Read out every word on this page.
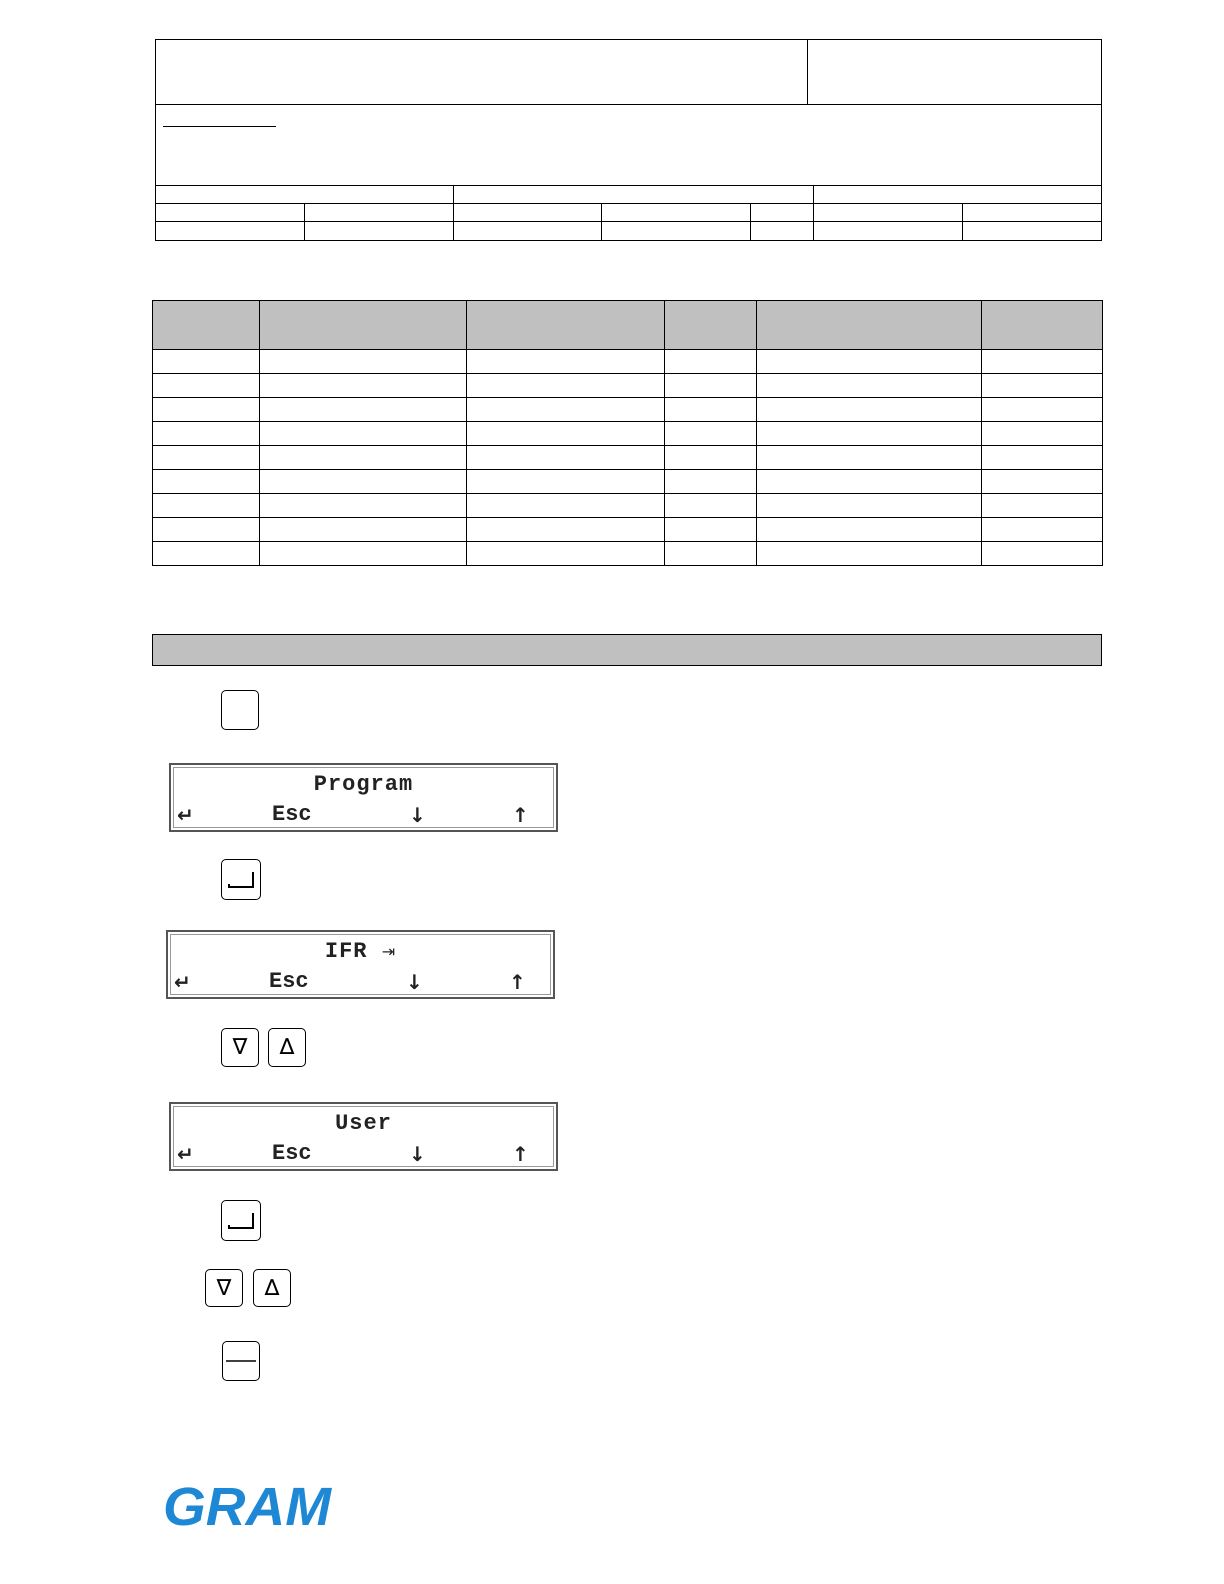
Program
↵	Esc	↓	↑
IFR ⇥
↵	Esc	↓	↑
∇ ∆
User
↵	Esc	↓	↑
∇ ∆
GRAM
